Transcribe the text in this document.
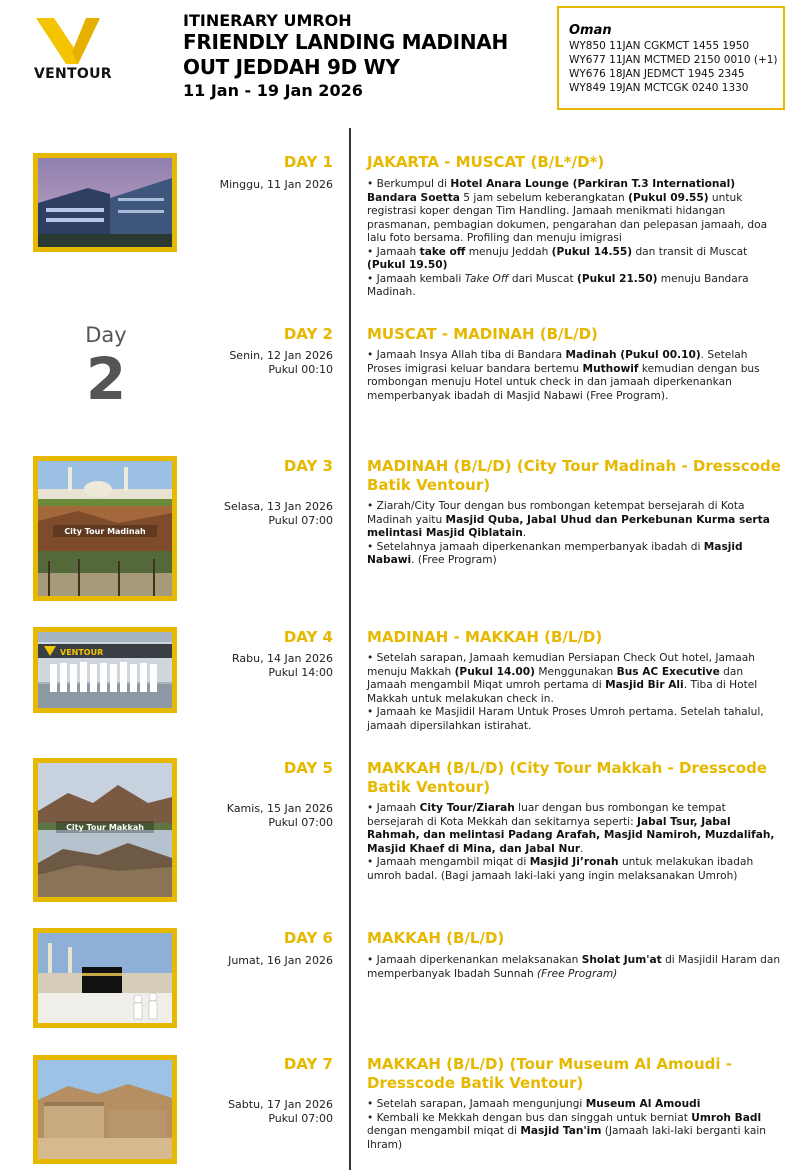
VENTOUR
ITINERARY UMROH
FRIENDLY LANDING MADINAH
OUT JEDDAH 9D WY
11 Jan - 19 Jan 2026
Oman
WY850 11JAN CGKMCT 1455 1950
WY677 11JAN MCTMED 2150 0010 (+1)
WY676 18JAN JEDMCT 1945 2345
WY849 19JAN MCTCGK 0240 1330
Day
2
DAY 1
Minggu, 11 Jan 2026
JAKARTA - MUSCAT (B/L*/D*)

• Berkumpul di Hotel Anara Lounge (Parkiran T.3 International) Bandara Soetta 5 jam sebelum keberangkatan (Pukul 09.55) untuk registrasi koper dengan Tim Handling. Jamaah menikmati hidangan prasmanan, pembagian dokumen, pengarahan dan pelepasan jamaah, doa lalu foto bersama. Profiling dan menuju imigrasi

• Jamaah take off menuju Jeddah (Pukul 14.55) dan transit di Muscat (Pukul 19.50)

• Jamaah kembali Take Off dari Muscat (Pukul 21.50) menuju Bandara Madinah.

DAY 2
Senin, 12 Jan 2026
Pukul 00:10
MUSCAT - MADINAH (B/L/D)

• Jamaah Insya Allah tiba di Bandara Madinah (Pukul 00.10). Setelah Proses imigrasi keluar bandara bertemu Muthowif kemudian dengan bus rombongan menuju Hotel untuk check in dan jamaah diperkenankan memperbanyak ibadah di Masjid Nabawi (Free Program).

City Tour Madinah
DAY 3
Selasa, 13 Jan 2026
Pukul 07:00
MADINAH (B/L/D) (City Tour Madinah - Dresscode Batik Ventour)

• Ziarah/City Tour dengan bus rombongan ketempat bersejarah di Kota Madinah yaitu Masjid Quba, Jabal Uhud dan Perkebunan Kurma serta melintasi Masjid Qiblatain.

• Setelahnya jamaah diperkenankan memperbanyak ibadah di Masjid Nabawi. (Free Program)

VENTOUR
DAY 4
Rabu, 14 Jan 2026
Pukul 14:00
MADINAH - MAKKAH (B/L/D)

• Setelah sarapan, Jamaah kemudian Persiapan Check Out hotel, Jamaah menuju Makkah (Pukul 14.00) Menggunakan Bus AC Executive dan Jamaah mengambil Miqat umroh pertama di Masjid Bir Ali. Tiba di Hotel Makkah untuk melakukan check in.

• Jamaah ke Masjidil Haram Untuk Proses Umroh pertama. Setelah tahalul, jamaah dipersilahkan istirahat.

City Tour Makkah
DAY 5
Kamis, 15 Jan 2026
Pukul 07:00
MAKKAH (B/L/D) (City Tour Makkah - Dresscode Batik Ventour)

• Jamaah City Tour/Ziarah luar dengan bus rombongan ke tempat bersejarah di Kota Mekkah dan sekitarnya seperti: Jabal Tsur, Jabal Rahmah, dan melintasi Padang Arafah, Masjid Namiroh, Muzdalifah, Masjid Khaef di Mina, dan Jabal Nur.

• Jamaah mengambil miqat di Masjid Ji’ronah untuk melakukan ibadah umroh badal. (Bagi jamaah laki-laki yang ingin melaksanakan Umroh)

DAY 6
Jumat, 16 Jan 2026
MAKKAH (B/L/D)

• Jamaah diperkenankan melaksanakan Sholat Jum'at di Masjidil Haram dan memperbanyak Ibadah Sunnah (Free Program)

DAY 7
Sabtu, 17 Jan 2026
Pukul 07:00
MAKKAH (B/L/D) (Tour Museum Al Amoudi - Dresscode Batik Ventour)

• Setelah sarapan, Jamaah mengunjungi Museum Al Amoudi

• Kembali ke Mekkah dengan bus dan singgah untuk berniat Umroh Badl dengan mengambil miqat di Masjid Tan'im (Jamaah laki-laki berganti kain Ihram)
